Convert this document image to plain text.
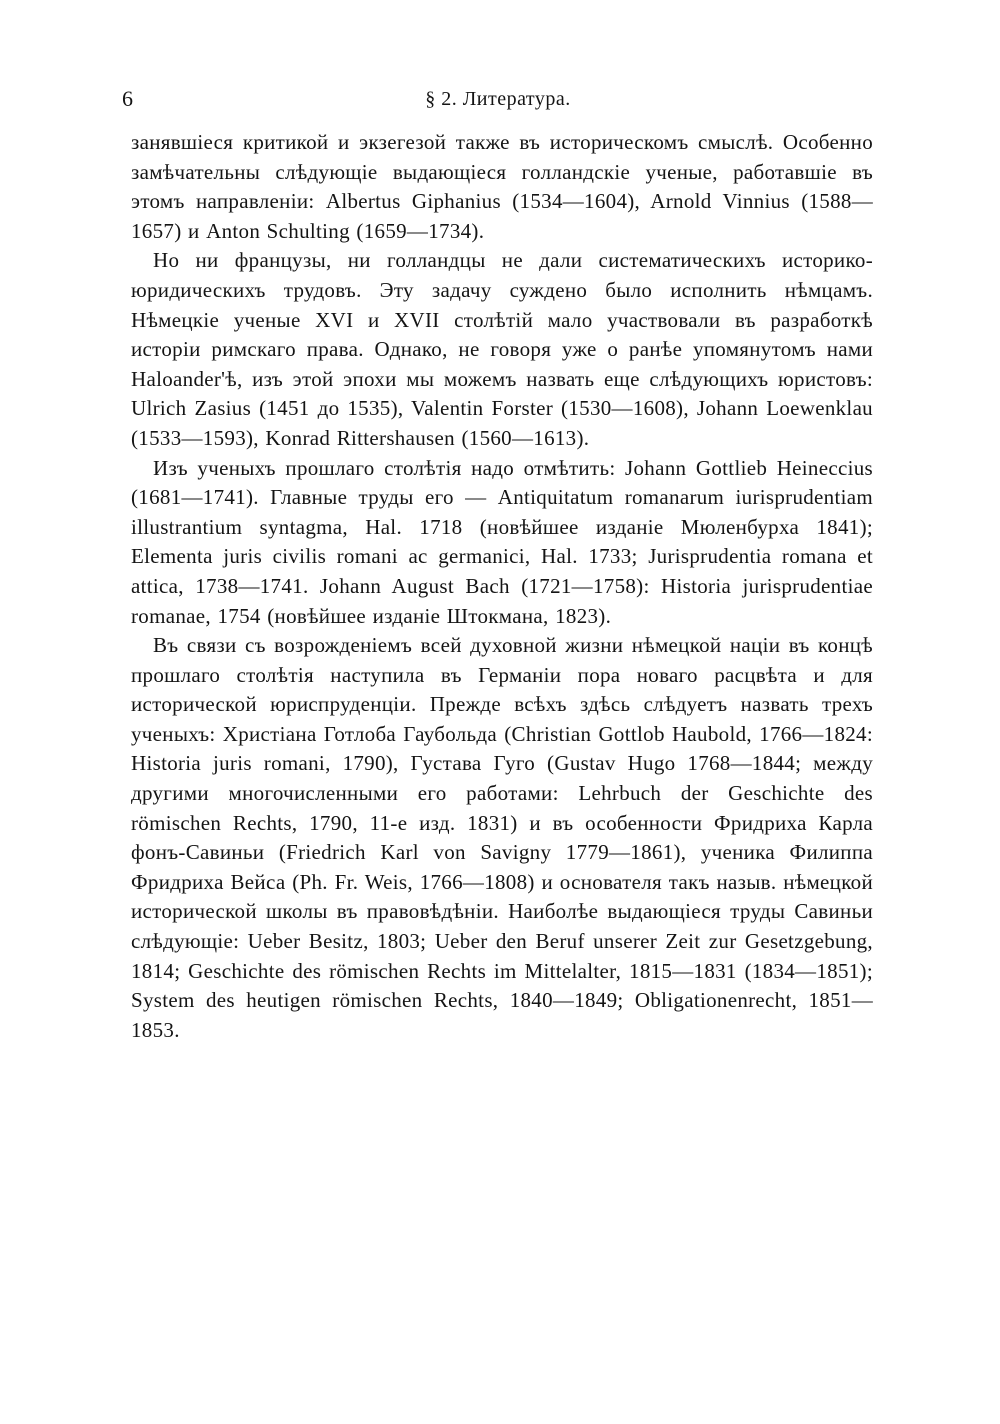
6	§ 2. Литература.

занявшіеся критикой и экзегезой также въ историческомъ смыслѣ. Особенно замѣчательны слѣдующіе выдающіеся голландскіе ученые, работавшіе въ этомъ направленіи: Albertus Giphanius (1534—1604), Arnold Vinnius (1588—1657) и Anton Schulting (1659—1734).

Но ни французы, ни голландцы не дали систематическихъ историко-юридическихъ трудовъ. Эту задачу суждено было исполнить нѣмцамъ. Нѣмецкіе ученые XVI и XVII столѣтій мало участвовали въ разработкѣ исторіи римскаго права. Однако, не говоря уже о ранѣе упомянутомъ нами Haloander'ѣ, изъ этой эпохи мы можемъ назвать еще слѣдующихъ юристовъ: Ulrich Zasius (1451 до 1535), Valentin Forster (1530—1608), Johann Loewenklau (1533—1593), Konrad Rittershausen (1560—1613).

Изъ ученыхъ прошлаго столѣтія надо отмѣтить: Johann Gottlieb Heineccius (1681—1741). Главные труды его — Antiquitatum romanarum iurisprudentiam illustrantium syntagma, Hal. 1718 (новѣйшее изданіе Мюленбурха 1841); Elementa juris civilis romani ac germanici, Hal. 1733; Jurisprudentia romana et attica, 1738—1741. Johann August Bach (1721—1758): Historia jurisprudentiae romanae, 1754 (новѣйшее изданіе Штокмана, 1823).

Въ связи съ возрожденіемъ всей духовной жизни нѣмецкой націи въ концѣ прошлаго столѣтія наступила въ Германіи пора новаго расцвѣта и для исторической юриспруденціи. Прежде всѣхъ здѣсь слѣдуетъ назвать трехъ ученыхъ: Христіана Готлоба Гаубольда (Christian Gottlob Haubold, 1766—1824: Historia juris romani, 1790), Густава Гуго (Gustav Hugo 1768—1844; между другими многочисленными его работами: Lehrbuch der Geschichte des römischen Rechts, 1790, 11-е изд. 1831) и въ особенности Фридриха Карла фонъ-Савиньи (Friedrich Karl von Savigny 1779—1861), ученика Филиппа Фридриха Вейса (Ph. Fr. Weis, 1766—1808) и основателя такъ назыв. нѣмецкой исторической школы въ правовѣдѣніи. Наиболѣе выдающіеся труды Савиньи слѣдующіе: Ueber Besitz, 1803; Ueber den Beruf unserer Zeit zur Gesetzgebung, 1814; Geschichte des römischen Rechts im Mittelalter, 1815—1831 (1834—1851); System des heutigen römischen Rechts, 1840—1849; Obligationenrecht, 1851—1853.
